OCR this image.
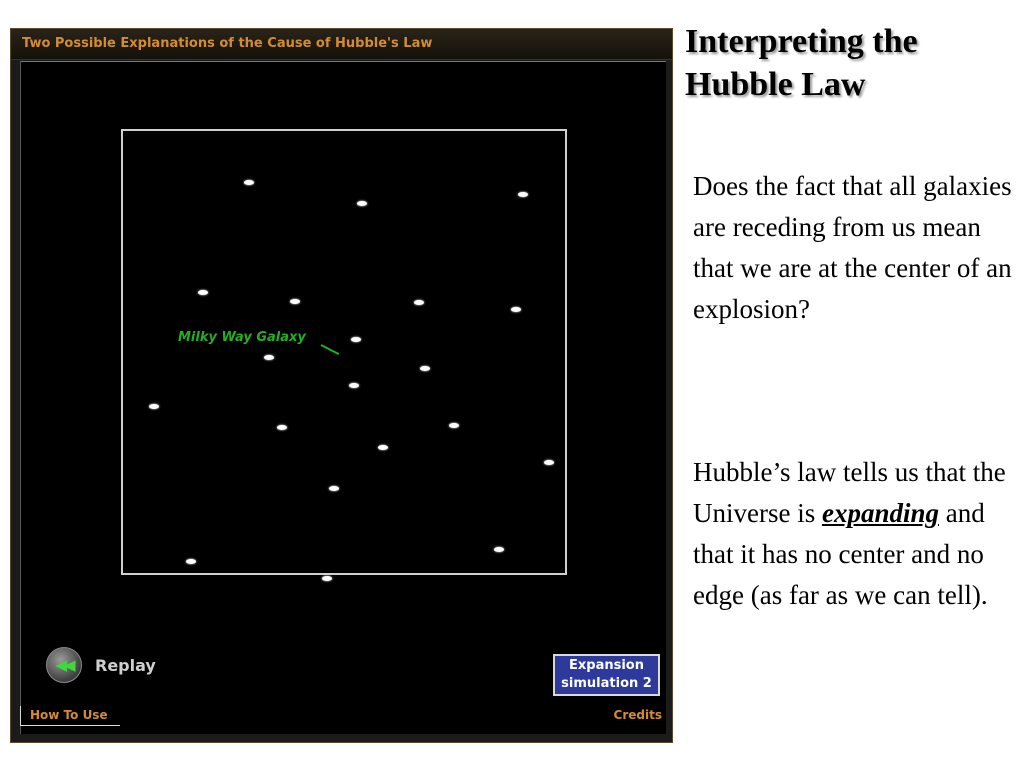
Two Possible Explanations of the Cause of Hubble's Law
Milky Way Galaxy
◀◀	Replay	Expansion
simulation 2
How To Use	Credits
Interpreting the Hubble Law
Does the fact that all galaxies are receding from us mean that we are at the center of an explosion?
Hubble’s law tells us that the Universe is expanding and that it has no center and no edge (as far as we can tell).
